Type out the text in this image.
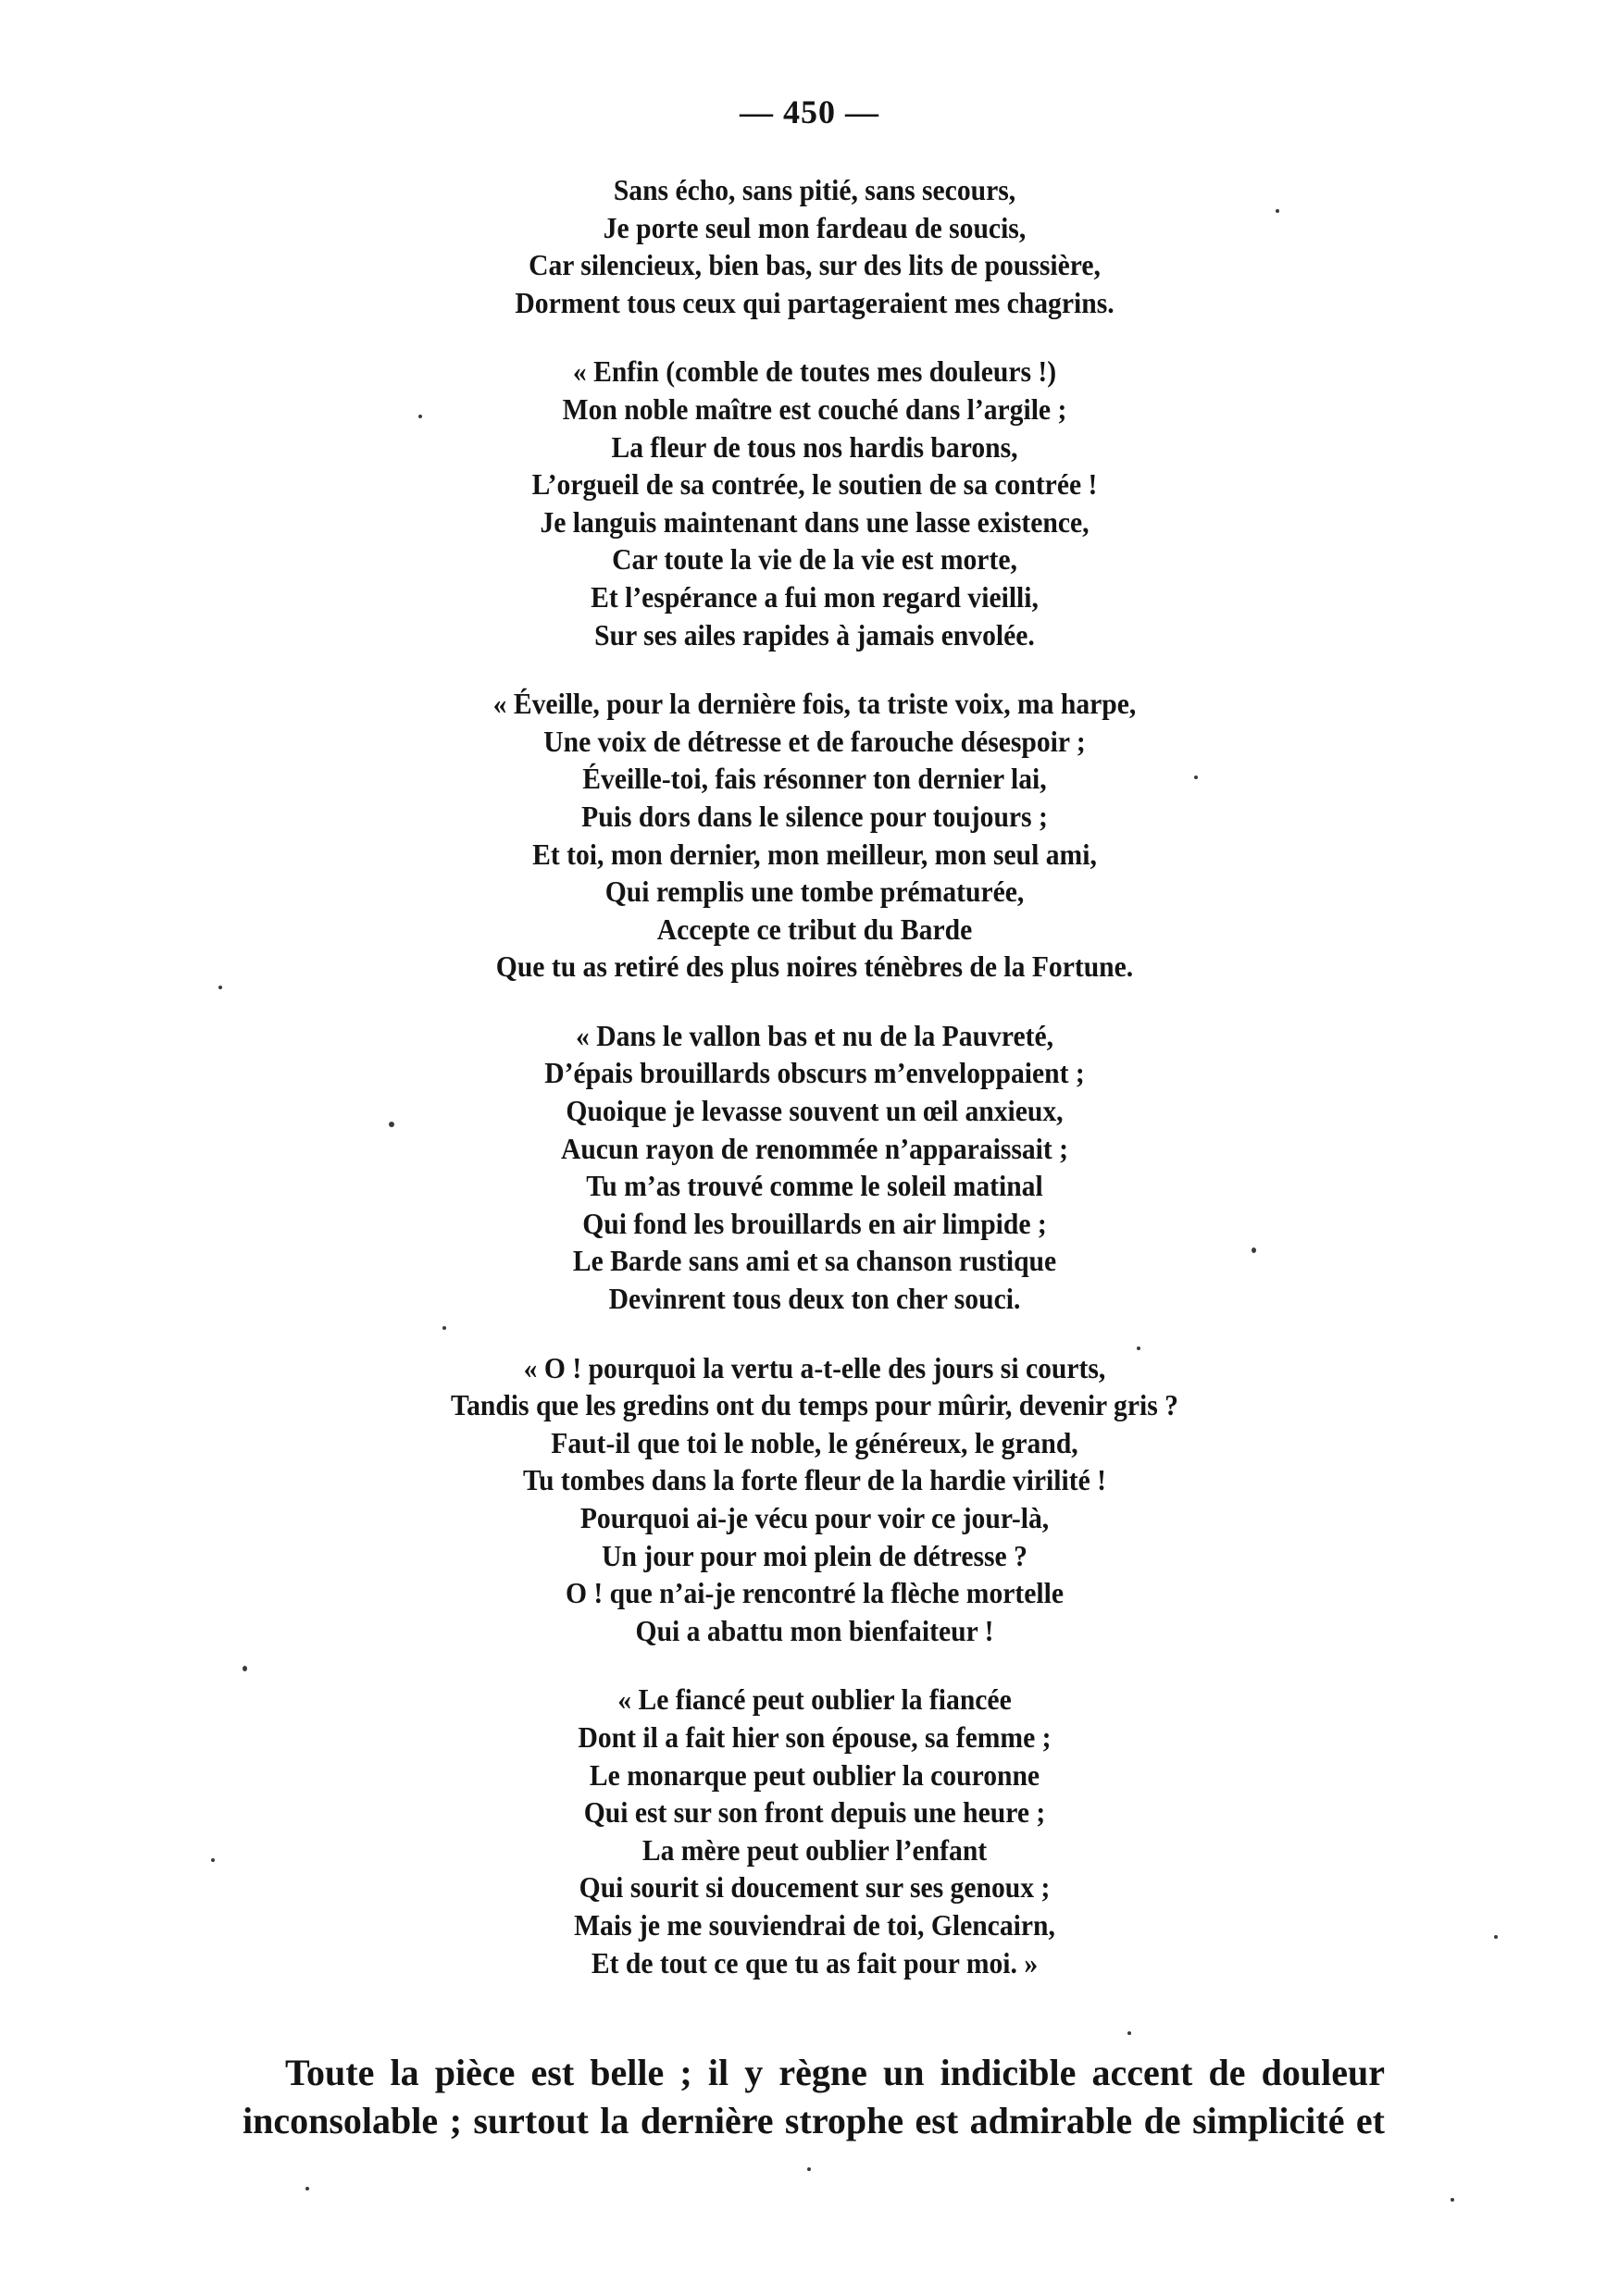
— 450 —
Sans écho, sans pitié, sans secours,
Je porte seul mon fardeau de soucis,
Car silencieux, bien bas, sur des lits de poussière,
Dorment tous ceux qui partageraient mes chagrins.
« Enfin (comble de toutes mes douleurs !)
Mon noble maître est couché dans l’argile ;
La fleur de tous nos hardis barons,
L’orgueil de sa contrée, le soutien de sa contrée !
Je languis maintenant dans une lasse existence,
Car toute la vie de la vie est morte,
Et l’espérance a fui mon regard vieilli,
Sur ses ailes rapides à jamais envolée.
« Éveille, pour la dernière fois, ta triste voix, ma harpe,
Une voix de détresse et de farouche désespoir ;
Éveille-toi, fais résonner ton dernier lai,
Puis dors dans le silence pour toujours ;
Et toi, mon dernier, mon meilleur, mon seul ami,
Qui remplis une tombe prématurée,
Accepte ce tribut du Barde
Que tu as retiré des plus noires ténèbres de la Fortune.
« Dans le vallon bas et nu de la Pauvreté,
D’épais brouillards obscurs m’enveloppaient ;
Quoique je levasse souvent un œil anxieux,
Aucun rayon de renommée n’apparaissait ;
Tu m’as trouvé comme le soleil matinal
Qui fond les brouillards en air limpide ;
Le Barde sans ami et sa chanson rustique
Devinrent tous deux ton cher souci.
« O ! pourquoi la vertu a-t-elle des jours si courts,
Tandis que les gredins ont du temps pour mûrir, devenir gris ?
Faut-il que toi le noble, le généreux, le grand,
Tu tombes dans la forte fleur de la hardie virilité !
Pourquoi ai-je vécu pour voir ce jour-là,
Un jour pour moi plein de détresse ?
O ! que n’ai-je rencontré la flèche mortelle
Qui a abattu mon bienfaiteur !
« Le fiancé peut oublier la fiancée
Dont il a fait hier son épouse, sa femme ;
Le monarque peut oublier la couronne
Qui est sur son front depuis une heure ;
La mère peut oublier l’enfant
Qui sourit si doucement sur ses genoux ;
Mais je me souviendrai de toi, Glencairn,
Et de tout ce que tu as fait pour moi. »
Toute la pièce est belle ; il y règne un indicible accent de douleur
inconsolable ; surtout la dernière strophe est admirable de simplicité et
